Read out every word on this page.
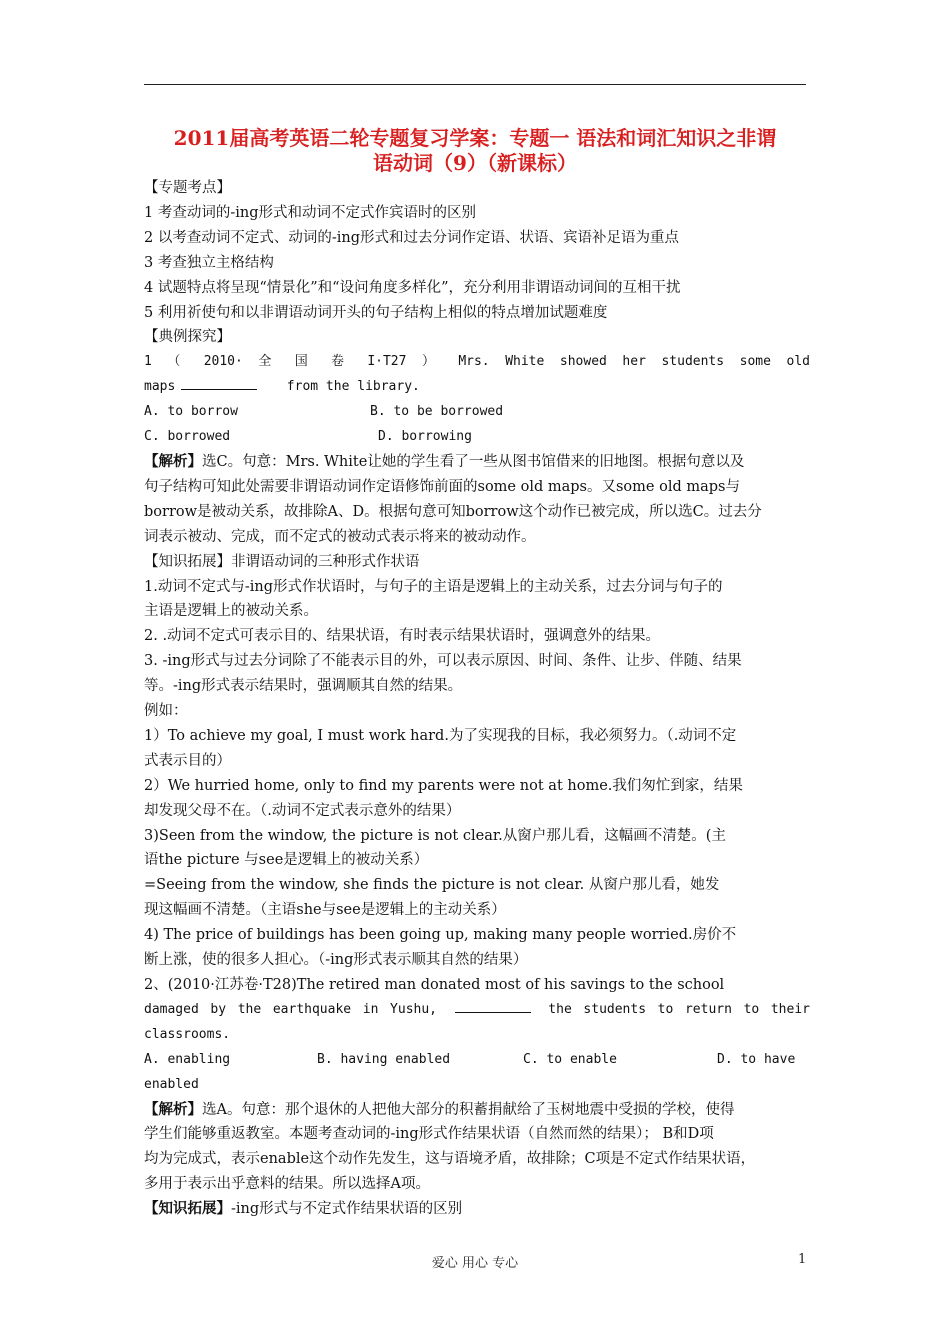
2011届高考英语二轮专题复习学案：专题一 语法和词汇知识之非谓
语动词（9）（新课标）

【专题考点】

1 考查动词的-ing形式和动词不定式作宾语时的区别

2 以考查动词不定式、动词的-ing形式和过去分词作定语、状语、宾语补足语为重点

3 考查独立主格结构

4 试题特点将呈现“情景化”和“设问角度多样化”，充分利用非谓语动词间的互相干扰

5 利用祈使句和以非谓语动词开头的句子结构上相似的特点增加试题难度

【典例探究】

1 （ 2010· 全 国 卷 I·T27 ） Mrs. White showed her students some old

maps	from the library.

A. to borrow	B. to be borrowed

C. borrowed	D. borrowing

【解析】选C。句意：Mrs. White让她的学生看了一些从图书馆借来的旧地图。根据句意以及

句子结构可知此处需要非谓语动词作定语修饰前面的some old maps。又some old maps与

borrow是被动关系，故排除A、D。根据句意可知borrow这个动作已被完成，所以选C。过去分

词表示被动、完成，而不定式的被动式表示将来的被动动作。

【知识拓展】非谓语动词的三种形式作状语

1.动词不定式与-ing形式作状语时，与句子的主语是逻辑上的主动关系，过去分词与句子的

主语是逻辑上的被动关系。

2. .动词不定式可表示目的、结果状语，有时表示结果状语时，强调意外的结果。

3. -ing形式与过去分词除了不能表示目的外，可以表示原因、时间、条件、让步、伴随、结果

等。-ing形式表示结果时，强调顺其自然的结果。

例如：

1）To achieve my goal, I must work hard.为了实现我的目标，我必须努力。（.动词不定

式表示目的）

2）We hurried home, only to find my parents were not at home.我们匆忙到家，结果

却发现父母不在。（.动词不定式表示意外的结果）

3)Seen from the window, the picture is not clear.从窗户那儿看，这幅画不清楚。(主

语the picture 与see是逻辑上的被动关系）

=Seeing from the window, she finds the picture is not clear. 从窗户那儿看，她发

现这幅画不清楚。（主语she与see是逻辑上的主动关系）

4) The price of buildings has been going up, making many people worried.房价不

断上涨，使的很多人担心。（-ing形式表示顺其自然的结果）

2、(2010·江苏卷·T28)The retired man donated most of his savings to the school

damaged by the earthquake in Yushu,	the students to return to their

classrooms.

A. enabling	B. having enabled	C. to enable	D. to have

enabled

【解析】选A。句意：那个退休的人把他大部分的积蓄捐献给了玉树地震中受损的学校，使得

学生们能够重返教室。本题考查动词的-ing形式作结果状语（自然而然的结果）； B和D项

均为完成式，表示enable这个动作先发生，这与语境矛盾，故排除；C项是不定式作结果状语，

多用于表示出乎意料的结果。所以选择A项。

【知识拓展】-ing形式与不定式作结果状语的区别

爱心 用心 专心	1
